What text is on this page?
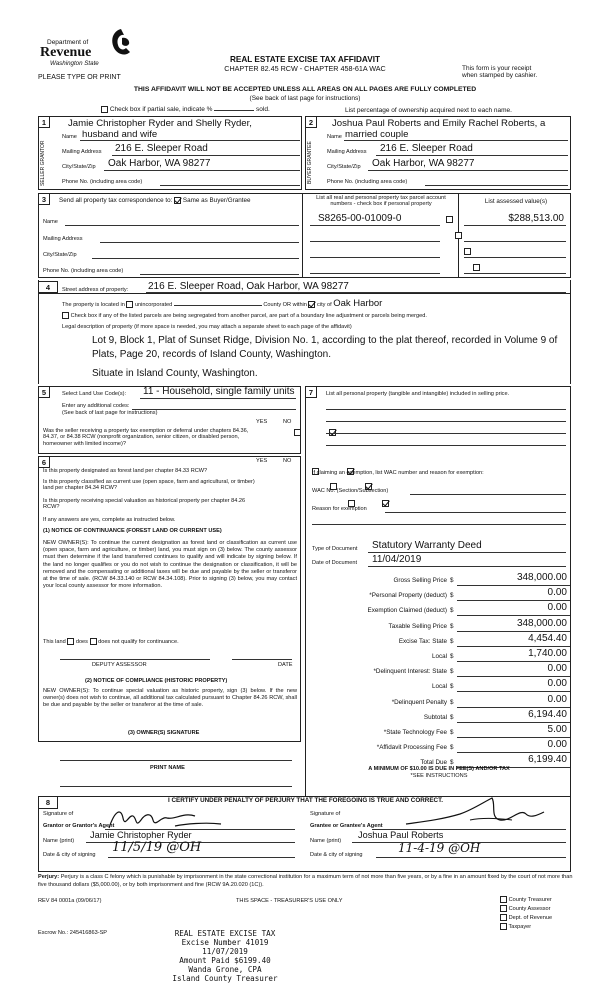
Department of
Revenue
Washington State
PLEASE TYPE OR PRINT
REAL ESTATE EXCISE TAX AFFIDAVIT
CHAPTER 82.45 RCW - CHAPTER 458-61A WAC	This form is your receipt
when stamped by cashier.
THIS AFFIDAVIT WILL NOT BE ACCEPTED UNLESS ALL AREAS ON ALL PAGES ARE FULLY COMPLETED
(See back of last page for instructions)
Check box if partial sale, indicate %	sold.	List percentage of ownership acquired next to each name.
1
SELLER GRANTOR
Jamie Christopher Ryder and Shelly Ryder,
Name husband and wife
Mailing Address 216 E. Sleeper Road
City/State/Zip Oak Harbor, WA 98277
Phone No. (including area code)
2
BUYER GRANTEE
Joshua Paul Roberts and Emily Rachel Roberts, a
Name married couple
Mailing Address 216 E. Sleeper Road
City/State/Zip Oak Harbor, WA 98277
Phone No. (including area code)
3	Send all property tax correspondence to: Same as Buyer/Grantee	List all real and personal property tax parcel account numbers - check box if personal property	List assessed value(s)
Name
Mailing Address
City/State/Zip
Phone No. (including area code)
S8265-00-01009-0

	$288,513.00
4	Street address of property: 216 E. Sleeper Road, Oak Harbor, WA 98277
The property is located in unincorporated	County OR within city of Oak Harbor
Check box if any of the listed parcels are being segregated from another parcel, are part of a boundary line adjustment or parcels being merged.
Legal description of property (if more space is needed, you may attach a separate sheet to each page of the affidavit)
Lot 9, Block 1, Plat of Sunset Ridge, Division No. 1, according to the plat thereof, recorded in Volume 9 of Plats, Page 20, records of Island County, Washington.
Situate in Island County, Washington.
5	Select Land Use Code(s): 11 - Household, single family units
Enter any additional codes:
(See back of last page for instructions)
YES	NO
Was the seller receiving a property tax exemption or deferral under chapters 84.36, 84.37, or 84.38 RCW (nonprofit organization, senior citizen, or disabled person, homeowner with limited income)?

6	YES	NO
Is this property designated as forest land per chapter 84.33 RCW?

Is this property classified as current use (open space, farm and agricultural, or timber) land per chapter 84.34 RCW?

Is this property receiving special valuation as historical property per chapter 84.26 RCW?

If any answers are yes, complete as instructed below.
(1) NOTICE OF CONTINUANCE (FOREST LAND OR CURRENT USE)
NEW OWNER(S): To continue the current designation as forest land or classification as current use (open space, farm and agriculture, or timber) land, you must sign on (3) below. The county assessor must then determine if the land transferred continues to qualify and will indicate by signing below. If the land no longer qualifies or you do not wish to continue the designation or classification, it will be removed and the compensating or additional taxes will be due and payable by the seller or transferor at the time of sale. (RCW 84.33.140 or RCW 84.34.108). Prior to signing (3) below, you may contact your local county assessor for more information.
This land does does not qualify for continuance.
DEPUTY ASSESSOR	DATE
(2) NOTICE OF COMPLIANCE (HISTORIC PROPERTY)
NEW OWNER(S): To continue special valuation as historic property, sign (3) below. If the new owner(s) does not wish to continue, all additional tax calculated pursuant to Chapter 84.26 RCW, shall be due and payable by the seller or transferor at the time of sale.
(3) OWNER(S) SIGNATURE
PRINT NAME
7	List all personal property (tangible and intangible) included in selling price.
If claiming an exemption, list WAC number and reason for exemption:
WAC No. (Section/Subsection)
Reason for exemption
Type of Document Statutory Warranty Deed
Date of Document 11/04/2019
Gross Selling Price $	348,000.00
*Personal Property (deduct) $	0.00
Exemption Claimed (deduct) $	0.00
Taxable Selling Price $	348,000.00
Excise Tax: State $	4,454.40
Local $	1,740.00
*Delinquent Interest: State $	0.00
Local $	0.00
*Delinquent Penalty $	0.00
Subtotal $	6,194.40
*State Technology Fee $	5.00
*Affidavit Processing Fee $	0.00
Total Due $	6,199.40
A MINIMUM OF $10.00 IS DUE IN FEE(S) AND/OR TAX
*SEE INSTRUCTIONS
8	I CERTIFY UNDER PENALTY OF PERJURY THAT THE FOREGOING IS TRUE AND CORRECT.
Signature of
Grantor or Grantor's Agent
Name (print)
Jamie Christopher Ryder
Date & city of signing 11/5/19 @OH
Signature of
Grantee or Grantee's Agent
Name (print)
Joshua Paul Roberts
Date & city of signing	11-4-19 @OH
Perjury: Perjury is a class C felony which is punishable by imprisonment in the state correctional institution for a maximum term of not more than five years, or by a fine in an amount fixed by the court of not more than five thousand dollars ($5,000.00), or by both imprisonment and fine (RCW 9A.20.020 (1C)).
REV 84 0001a (09/06/17)	THIS SPACE - TREASURER'S USE ONLY
Escrow No.: 245416863-SP
County Treasurer
County Assessor
Dept. of Revenue
Taxpayer
REAL ESTATE EXCISE TAX
Excise Number 41019
11/07/2019
Amount Paid $6199.40
Wanda Grone, CPA
Island County Treasurer
